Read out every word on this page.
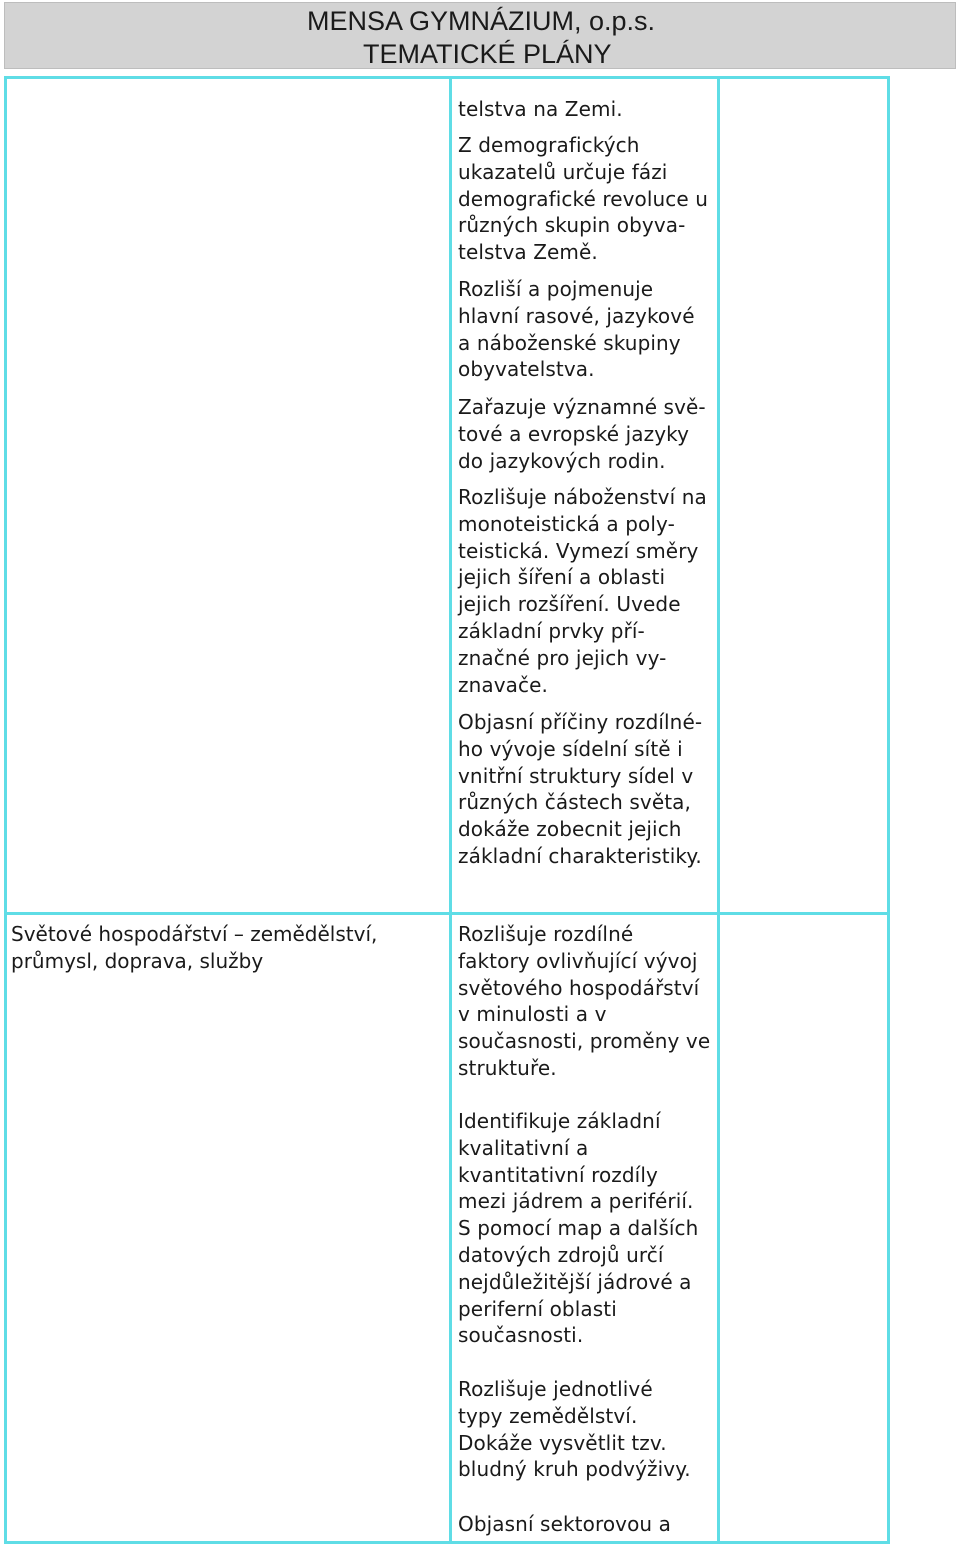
MENSA GYMNÁZIUM, o.p.s.
TEMATICKÉ PLÁNY

telstva na Zemi.

Z demografických
ukazatelů určuje fázi
demografické revoluce u
různých skupin obyva-
telstva Země.

Rozliší a pojmenuje
hlavní rasové, jazykové
a náboženské skupiny
obyvatelstva.

Zařazuje významné svě-
tové a evropské jazyky
do jazykových rodin.

Rozlišuje náboženství na
monoteistická a poly-
teistická. Vymezí směry
jejich šíření a oblasti
jejich rozšíření. Uvede
základní prvky pří-
značné pro jejich vy-
znavače.

Objasní příčiny rozdílné-
ho vývoje sídelní sítě i
vnitřní struktury sídel v
různých částech světa,
dokáže zobecnit jejich
základní charakteristiky.

Světové hospodářství – zemědělství,
průmysl, doprava, služby

Rozlišuje rozdílné
faktory ovlivňující vývoj
světového hospodářství
v minulosti a v
současnosti, proměny ve
struktuře.

Identifikuje základní
kvalitativní a
kvantitativní rozdíly
mezi jádrem a periférií.
S pomocí map a dalších
datových zdrojů určí
nejdůležitější jádrové a
periferní oblasti
současnosti.

Rozlišuje jednotlivé
typy zemědělství.
Dokáže vysvětlit tzv.
bludný kruh podvýživy.

Objasní sektorovou a
